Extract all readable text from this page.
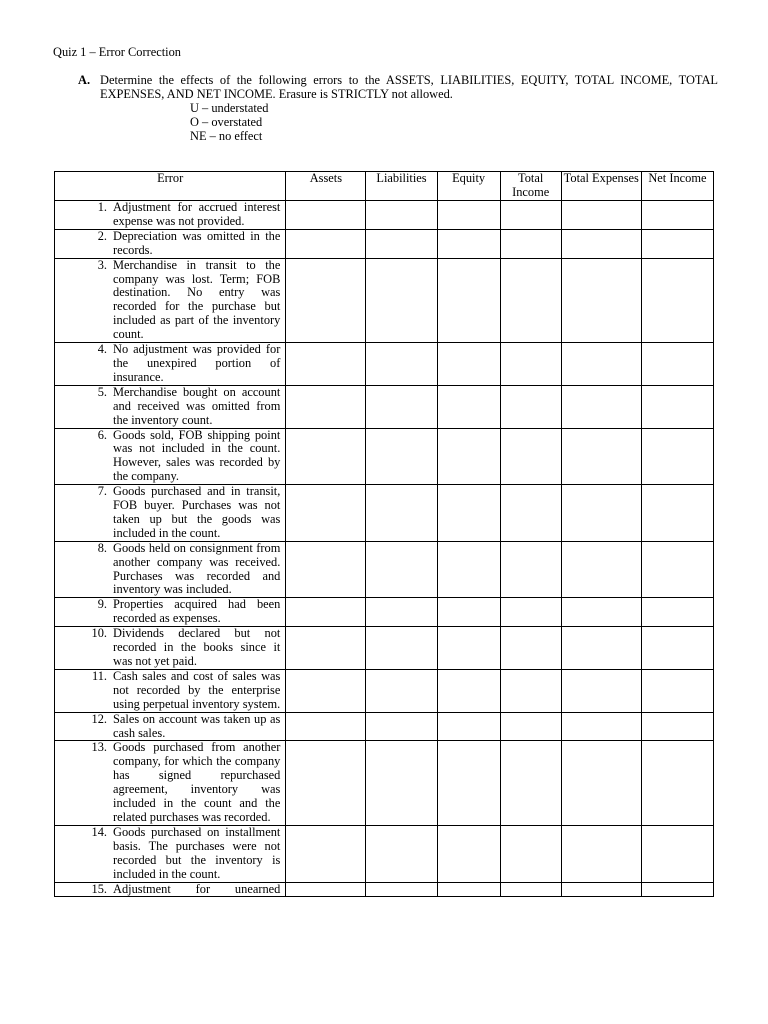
Quiz 1 – Error Correction
A. Determine the effects of the following errors to the ASSETS, LIABILITIES, EQUITY, TOTAL INCOME, TOTAL EXPENSES, AND NET INCOME. Erasure is STRICTLY not allowed.
U – understated
O – overstated
NE – no effect
Error	Assets	Liabilities	Equity	Total Income	Total Expenses	Net Income

1. Adjustment for accrued interest expense was not provided.						

2. Depreciation was omitted in the records.						

3. Merchandise in transit to the company was lost. Term; FOB destination. No entry was recorded for the purchase but included as part of the inventory count.						

4. No adjustment was provided for the unexpired portion of insurance.						

5. Merchandise bought on account and received was omitted from the inventory count.						

6. Goods sold, FOB shipping point was not included in the count. However, sales was recorded by the company.						

7. Goods purchased and in transit, FOB buyer. Purchases was not taken up but the goods was included in the count.						

8. Goods held on consignment from another company was received. Purchases was recorded and inventory was included.						

9. Properties acquired had been recorded as expenses.						

10. Dividends declared but not recorded in the books since it was not yet paid.						

11. Cash sales and cost of sales was not recorded by the enterprise using perpetual inventory system.						

12. Sales on account was taken up as cash sales.						

13. Goods purchased from another company, for which the company has signed repurchased agreement, inventory was included in the count and the related purchases was recorded.						

14. Goods purchased on installment basis. The purchases were not recorded but the inventory is included in the count.						

15. Adjustment for unearned						
